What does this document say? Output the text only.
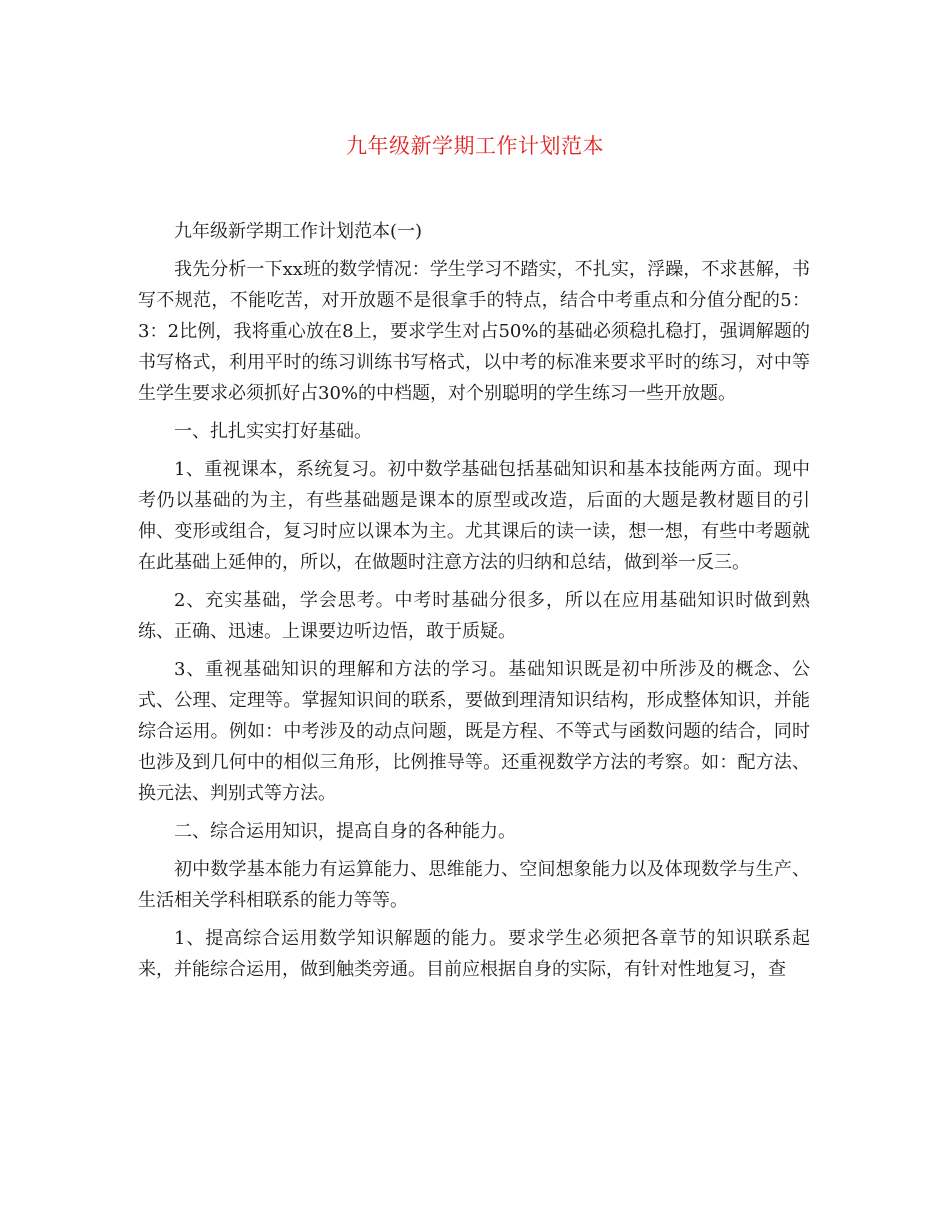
九年级新学期工作计划范本

九年级新学期工作计划范本(一)

我先分析一下xx班的数学情况：学生学习不踏实，不扎实，浮躁，不求甚解，书写不规范，不能吃苦，对开放题不是很拿手的特点，结合中考重点和分值分配的5：3：2比例，我将重心放在8上，要求学生对占50%的基础必须稳扎稳打，强调解题的书写格式，利用平时的练习训练书写格式，以中考的标准来要求平时的练习，对中等生学生要求必须抓好占30%的中档题，对个别聪明的学生练习一些开放题。

一、扎扎实实打好基础。

1、重视课本，系统复习。初中数学基础包括基础知识和基本技能两方面。现中考仍以基础的为主，有些基础题是课本的原型或改造，后面的大题是教材题目的引伸、变形或组合，复习时应以课本为主。尤其课后的读一读，想一想，有些中考题就在此基础上延伸的，所以，在做题时注意方法的归纳和总结，做到举一反三。

2、充实基础，学会思考。中考时基础分很多，所以在应用基础知识时做到熟练、正确、迅速。上课要边听边悟，敢于质疑。

3、重视基础知识的理解和方法的学习。基础知识既是初中所涉及的概念、公式、公理、定理等。掌握知识间的联系，要做到理清知识结构，形成整体知识，并能综合运用。例如：中考涉及的动点问题，既是方程、不等式与函数问题的结合，同时也涉及到几何中的相似三角形，比例推导等。还重视数学方法的考察。如：配方法、换元法、判别式等方法。

二、综合运用知识，提高自身的各种能力。

初中数学基本能力有运算能力、思维能力、空间想象能力以及体现数学与生产、生活相关学科相联系的能力等等。

1、提高综合运用数学知识解题的能力。要求学生必须把各章节的知识联系起来，并能综合运用，做到触类旁通。目前应根据自身的实际，有针对性地复习，查
